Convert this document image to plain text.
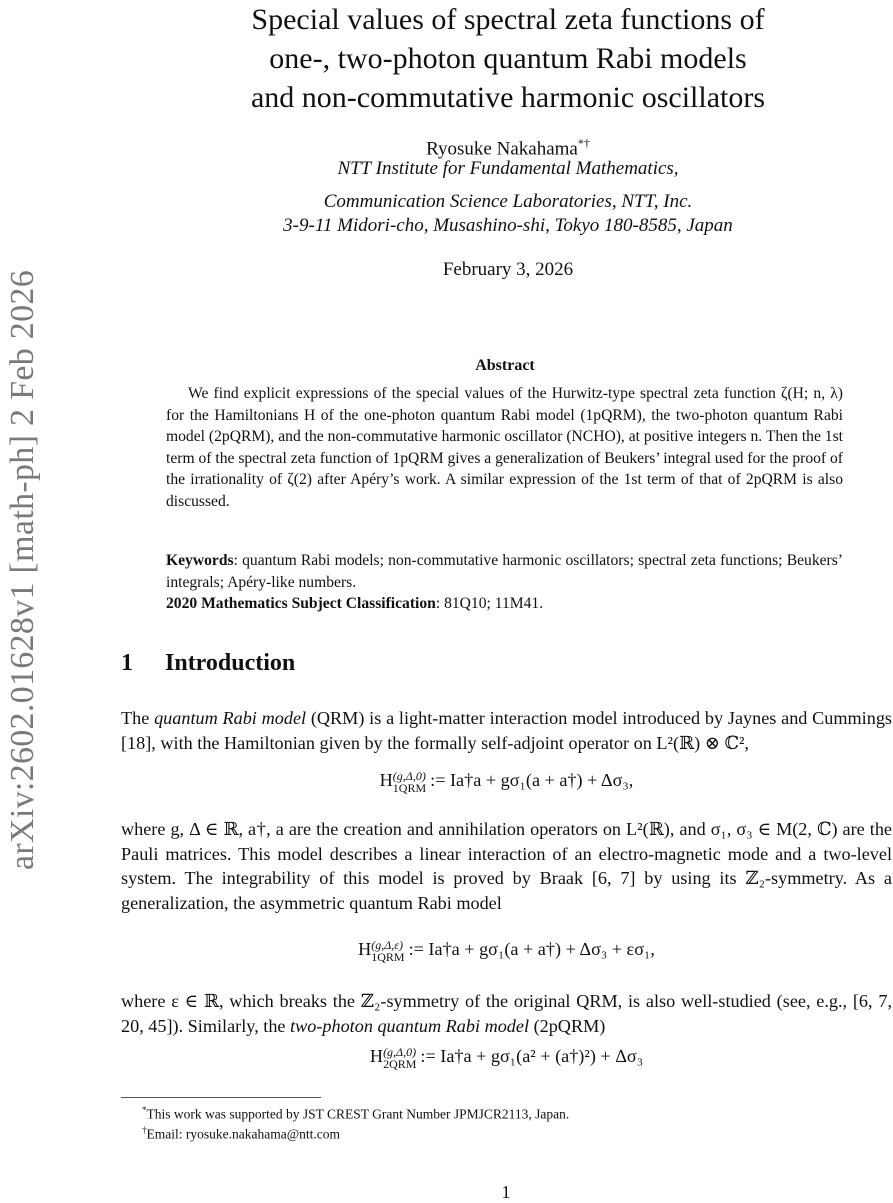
arXiv:2602.01628v1 [math-ph] 2 Feb 2026
Special values of spectral zeta functions of
one-, two-photon quantum Rabi models
and non-commutative harmonic oscillators
Ryosuke Nakahama*†
NTT Institute for Fundamental Mathematics,
Communication Science Laboratories, NTT, Inc.
3-9-11 Midori-cho, Musashino-shi, Tokyo 180-8585, Japan
February 3, 2026
Abstract
We find explicit expressions of the special values of the Hurwitz-type spectral zeta function ζ(H; n, λ) for the Hamiltonians H of the one-photon quantum Rabi model (1pQRM), the two-photon quantum Rabi model (2pQRM), and the non-commutative harmonic oscillator (NCHO), at positive integers n. Then the 1st term of the spectral zeta function of 1pQRM gives a generalization of Beukers’ integral used for the proof of the irrationality of ζ(2) after Apéry’s work. A similar expression of the 1st term of that of 2pQRM is also discussed.
Keywords: quantum Rabi models; non-commutative harmonic oscillators; spectral zeta functions; Beukers’ integrals; Apéry-like numbers.
2020 Mathematics Subject Classification: 81Q10; 11M41.
1 Introduction
The quantum Rabi model (QRM) is a light-matter interaction model introduced by Jaynes and Cummings [18], with the Hamiltonian given by the formally self-adjoint operator on L²(ℝ) ⊗ ℂ²,
H (g,Δ,0)
1QRM := Ia†a + gσ₁(a + a†) + Δσ₃,
where g, Δ ∈ ℝ, a†, a are the creation and annihilation operators on L²(ℝ), and σ₁, σ₃ ∈ M(2, ℂ) are the Pauli matrices. This model describes a linear interaction of an electro-magnetic mode and a two-level system. The integrability of this model is proved by Braak [6, 7] by using its ℤ₂-symmetry. As a generalization, the asymmetric quantum Rabi model
H (g,Δ,ε)
1QRM := Ia†a + gσ₁(a + a†) + Δσ₃ + εσ₁,
where ε ∈ ℝ, which breaks the ℤ₂-symmetry of the original QRM, is also well-studied (see, e.g., [6, 7, 20, 45]). Similarly, the two-photon quantum Rabi model (2pQRM)
H (g,Δ,0)
2QRM := Ia†a + gσ₁(a² + (a†)²) + Δσ₃
*This work was supported by JST CREST Grant Number JPMJCR2113, Japan.
†Email: ryosuke.nakahama@ntt.com
1
